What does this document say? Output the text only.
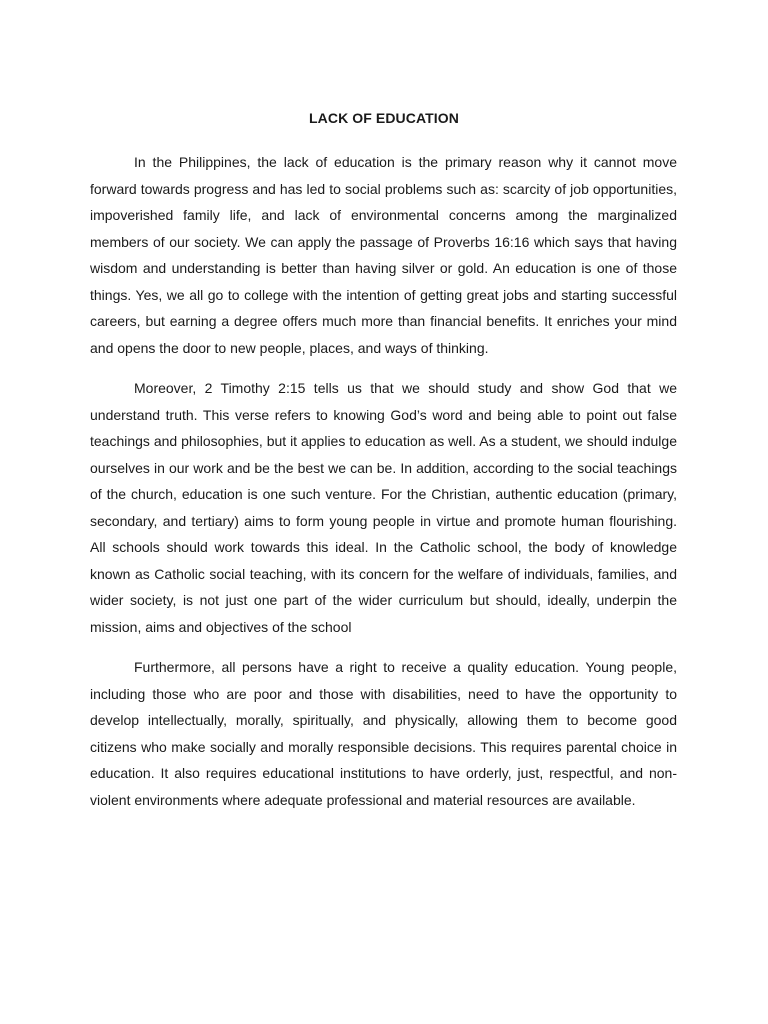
LACK OF EDUCATION

In the Philippines, the lack of education is the primary reason why it cannot move forward towards progress and has led to social problems such as: scarcity of job opportunities, impoverished family life, and lack of environmental concerns among the marginalized members of our society. We can apply the passage of Proverbs 16:16 which says that having wisdom and understanding is better than having silver or gold. An education is one of those things. Yes, we all go to college with the intention of getting great jobs and starting successful careers, but earning a degree offers much more than financial benefits. It enriches your mind and opens the door to new people, places, and ways of thinking.

Moreover, 2 Timothy 2:15 tells us that we should study and show God that we understand truth. This verse refers to knowing God’s word and being able to point out false teachings and philosophies, but it applies to education as well. As a student, we should indulge ourselves in our work and be the best we can be. In addition, according to the social teachings of the church, education is one such venture. For the Christian, authentic education (primary, secondary, and tertiary) aims to form young people in virtue and promote human flourishing. All schools should work towards this ideal. In the Catholic school, the body of knowledge known as Catholic social teaching, with its concern for the welfare of individuals, families, and wider society, is not just one part of the wider curriculum but should, ideally, underpin the mission, aims and objectives of the school

Furthermore, all persons have a right to receive a quality education. Young people, including those who are poor and those with disabilities, need to have the opportunity to develop intellectually, morally, spiritually, and physically, allowing them to become good citizens who make socially and morally responsible decisions. This requires parental choice in education. It also requires educational institutions to have orderly, just, respectful, and non-violent environments where adequate professional and material resources are available.
